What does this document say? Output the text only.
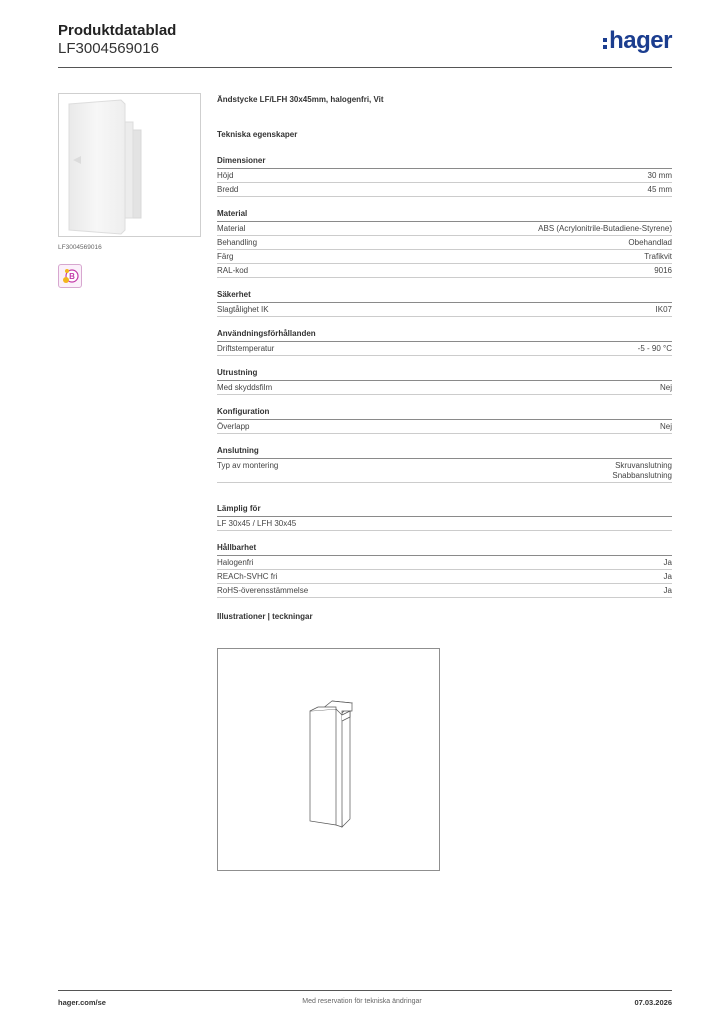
Produktdatablad
LF3004569016	hager
LF3004569016
B
Ändstycke LF/LFH 30x45mm, halogenfri, Vit
Tekniska egenskaper
Dimensioner
Höjd	30 mm
Bredd	45 mm
Material
Material	ABS (Acrylonitrile-Butadiene-Styrene)
Behandling	Obehandlad
Färg	Trafikvit
RAL-kod	9016
Säkerhet
Slagtålighet IK	IK07
Användningsförhållanden
Driftstemperatur	-5 - 90 °C
Utrustning
Med skyddsfilm	Nej
Konfiguration
Överlapp	Nej
Anslutning
Typ av montering	Skruvanslutning
Snabbanslutning
Lämplig för
LF 30x45 / LFH 30x45
Hållbarhet
Halogenfri	Ja
REACh-SVHC fri	Ja
RoHS-överensstämmelse	Ja
Illustrationer | teckningar
hager.com/se	Med reservation för tekniska ändringar	07.03.2026
